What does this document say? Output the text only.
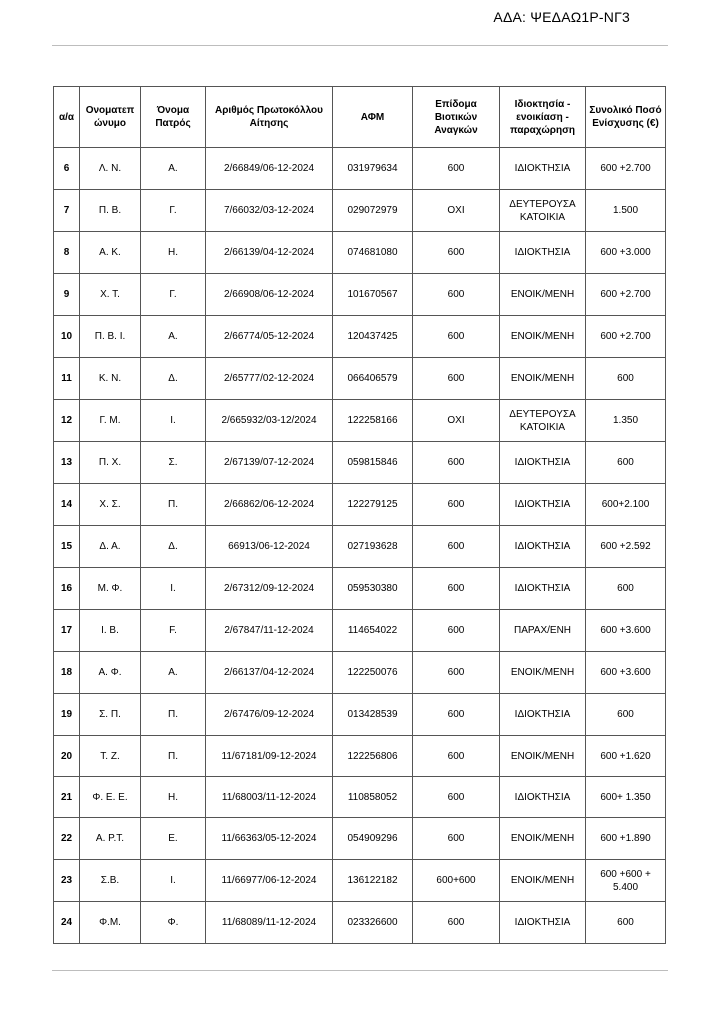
ΑΔΑ: ΨΕΔΑΩ1Ρ-ΝΓ3
α/α	Ονοματεπ ώνυμο	Όνομα Πατρός	Αριθμός Πρωτοκόλλου Αίτησης	ΑΦΜ	Επίδομα Βιοτικών Αναγκών	Ιδιοκτησία - ενοικίαση - παραχώρηση	Συνολικό Ποσό Ενίσχυσης (€)
6	Λ. Ν.	Α.	2/66849/06-12-2024	031979634	600	ΙΔΙΟΚΤΗΣΙΑ	600 +2.700
7	Π. Β.	Γ.	7/66032/03-12-2024	029072979	ΟΧΙ	ΔΕΥΤΕΡΟΥΣΑ ΚΑΤΟΙΚΙΑ	1.500
8	Α. Κ.	Η.	2/66139/04-12-2024	074681080	600	ΙΔΙΟΚΤΗΣΙΑ	600 +3.000
9	Χ. Τ.	Γ.	2/66908/06-12-2024	101670567	600	ΕΝΟΙΚ/ΜΕΝΗ	600 +2.700
10	Π. Β. Ι.	Α.	2/66774/05-12-2024	120437425	600	ΕΝΟΙΚ/ΜΕΝΗ	600 +2.700
11	Κ. Ν.	Δ.	2/65777/02-12-2024	066406579	600	ΕΝΟΙΚ/ΜΕΝΗ	600
12	Γ. Μ.	Ι.	2/665932/03-12/2024	122258166	ΟΧΙ	ΔΕΥΤΕΡΟΥΣΑ ΚΑΤΟΙΚΙΑ	1.350
13	Π. Χ.	Σ.	2/67139/07-12-2024	059815846	600	ΙΔΙΟΚΤΗΣΙΑ	600
14	Χ. Σ.	Π.	2/66862/06-12-2024	122279125	600	ΙΔΙΟΚΤΗΣΙΑ	600+2.100
15	Δ. Α.	Δ.	66913/06-12-2024	027193628	600	ΙΔΙΟΚΤΗΣΙΑ	600 +2.592
16	Μ. Φ.	Ι.	2/67312/09-12-2024	059530380	600	ΙΔΙΟΚΤΗΣΙΑ	600
17	Ι. Β.	F.	2/67847/11-12-2024	114654022	600	ΠΑΡΑΧ/ΕΝΗ	600 +3.600
18	Α. Φ.	Α.	2/66137/04-12-2024	122250076	600	ΕΝΟΙΚ/ΜΕΝΗ	600 +3.600
19	Σ. Π.	Π.	2/67476/09-12-2024	013428539	600	ΙΔΙΟΚΤΗΣΙΑ	600
20	Τ. Ζ.	Π.	11/67181/09-12-2024	122256806	600	ΕΝΟΙΚ/ΜΕΝΗ	600 +1.620
21	Φ. Ε. Ε.	Η.	11/68003/11-12-2024	110858052	600	ΙΔΙΟΚΤΗΣΙΑ	600+ 1.350
22	Α. Ρ.Τ.	Ε.	11/66363/05-12-2024	054909296	600	ΕΝΟΙΚ/ΜΕΝΗ	600 +1.890
23	Σ.Β.	Ι.	11/66977/06-12-2024	136122182	600+600	ΕΝΟΙΚ/ΜΕΝΗ	600 +600 + 5.400
24	Φ.Μ.	Φ.	11/68089/11-12-2024	023326600	600	ΙΔΙΟΚΤΗΣΙΑ	600
